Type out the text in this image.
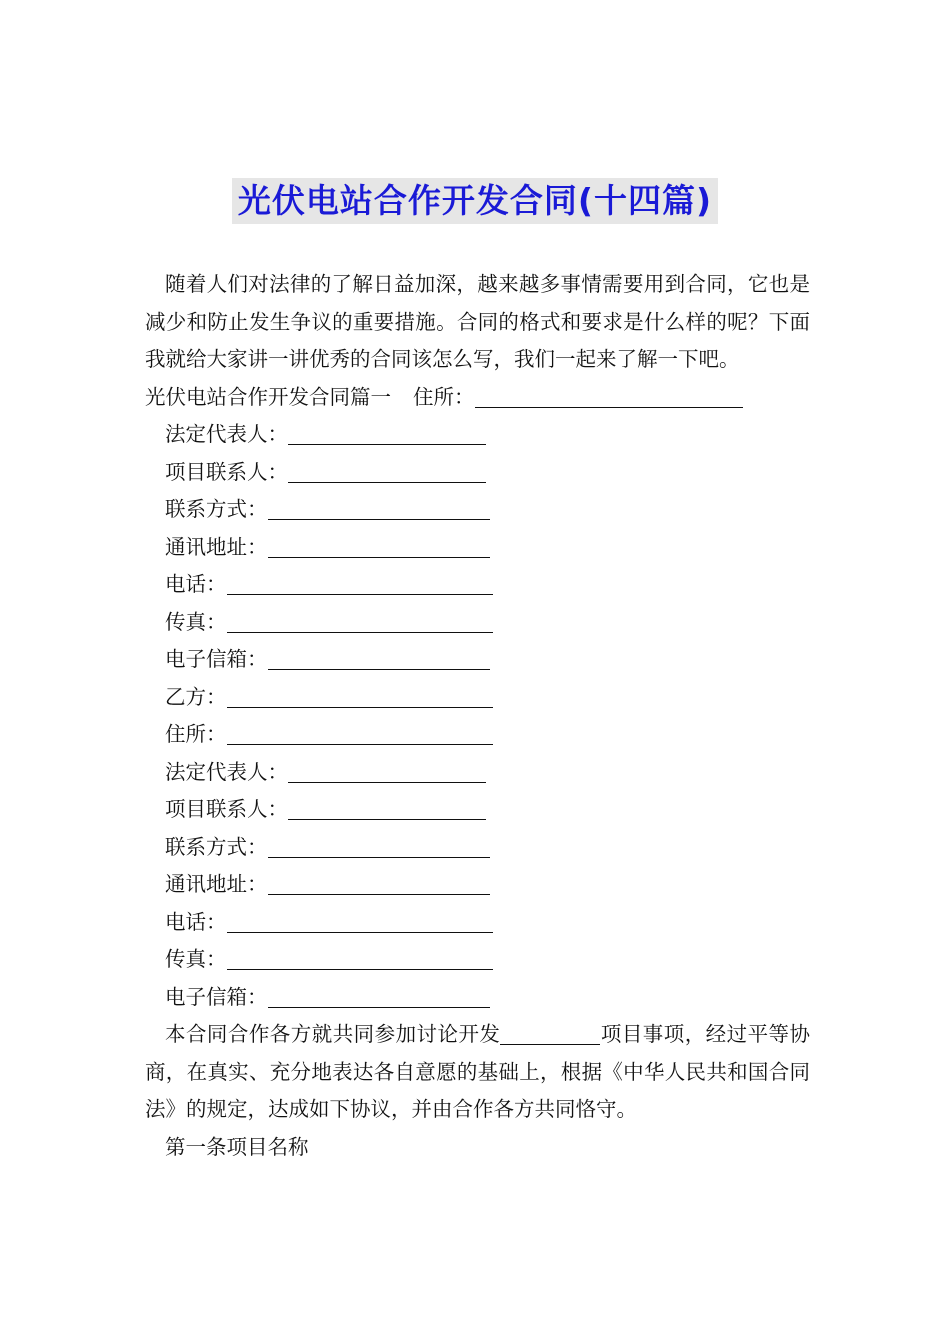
光伏电站合作开发合同(十四篇)

随着人们对法律的了解日益加深，越来越多事情需要用到合同，它也是减少和防止发生争议的重要措施。合同的格式和要求是什么样的呢？下面我就给大家讲一讲优秀的合同该怎么写，我们一起来了解一下吧。

光伏电站合作开发合同篇一 住所：

法定代表人：

项目联系人：

联系方式：

通讯地址：

电话：

传真：

电子信箱：

乙方：

住所：

法定代表人：

项目联系人：

联系方式：

通讯地址：

电话：

传真：

电子信箱：

本合同合作各方就共同参加讨论开发	项目事项，经过平等协商，在真实、充分地表达各自意愿的基础上，根据《中华人民共和国合同法》的规定，达成如下协议，并由合作各方共同恪守。

第一条项目名称
